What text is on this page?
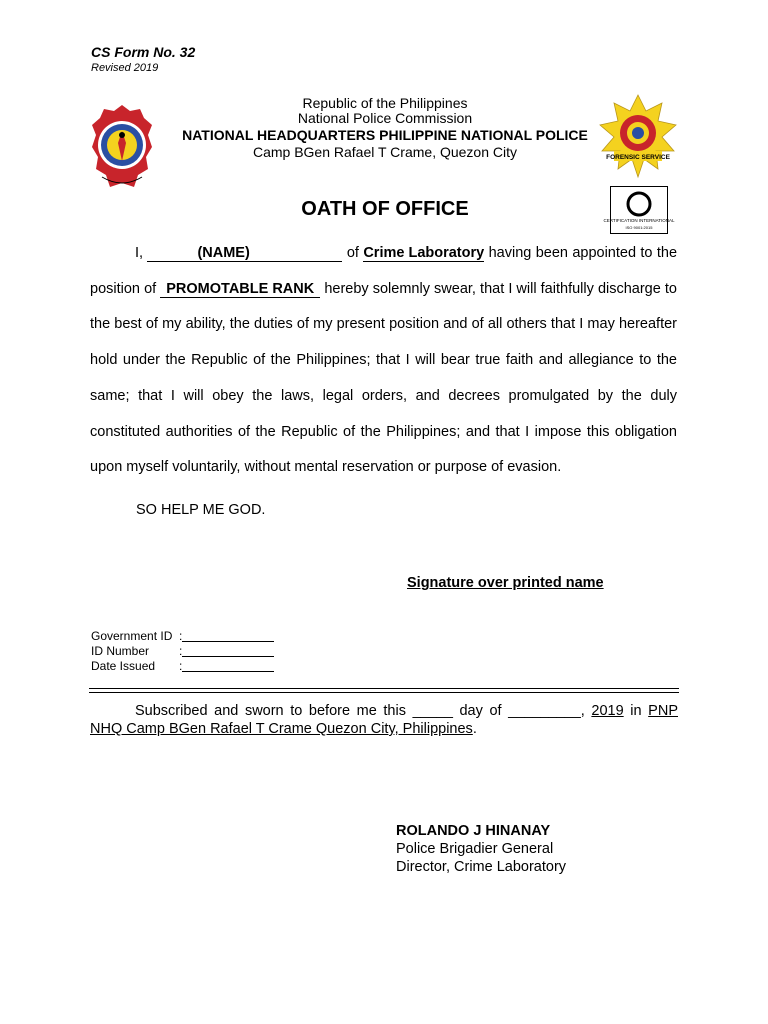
CS Form No. 32
Revised 2019
Republic of the Philippines
National Police Commission
NATIONAL HEADQUARTERS PHILIPPINE NATIONAL POLICE
Camp BGen Rafael T Crame, Quezon City	FORENSIC SERVICE
CERTIFICATION INTERNATIONAL
ISO 9001:2015
OATH OF OFFICE
I,	(NAME)	of Crime Laboratory having been appointed to the position of PROMOTABLE RANK hereby solemnly swear, that I will faithfully discharge to the best of my ability, the duties of my present position and of all others that I may hereafter hold under the Republic of the Philippines; that I will bear true faith and allegiance to the same; that I will obey the laws, legal orders, and decrees promulgated by the duly constituted authorities of the Republic of the Philippines; and that I impose this obligation upon myself voluntarily, without mental reservation or purpose of evasion.
SO HELP ME GOD.
Signature over printed name
Government ID :
ID Number	:
Date Issued	:
Subscribed and sworn to before me this _____ day of _________, 2019 in PNP NHQ Camp BGen Rafael T Crame Quezon City, Philippines.
ROLANDO J HINANAY
Police Brigadier General
Director, Crime Laboratory
